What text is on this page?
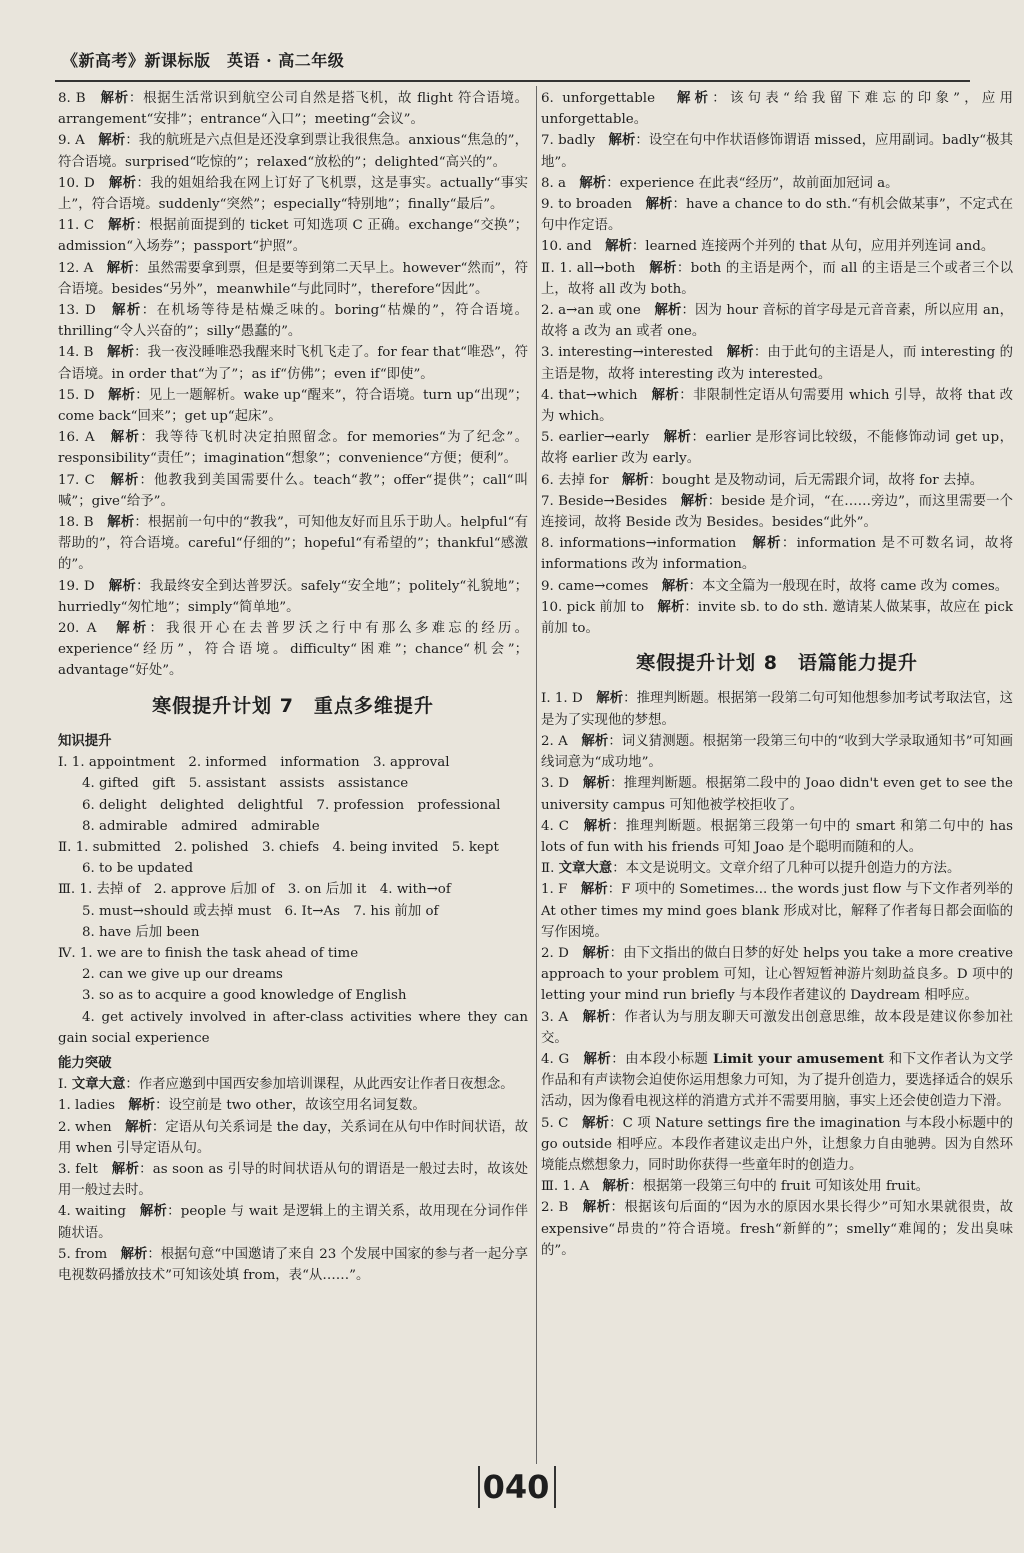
《新高考》新课标版　英语 · 高二年级

8. B　解析：根据生活常识到航空公司自然是搭飞机，故 flight 符合语境。arrangement“安排”；entrance“入口”；meeting“会议”。

9. A　解析：我的航班是六点但是还没拿到票让我很焦急。anxious“焦急的”，符合语境。surprised“吃惊的”；relaxed“放松的”；delighted“高兴的”。

10. D　解析：我的姐姐给我在网上订好了飞机票，这是事实。actually“事实上”，符合语境。suddenly“突然”；especially“特别地”；finally“最后”。

11. C　解析：根据前面提到的 ticket 可知选项 C 正确。exchange“交换”；admission“入场券”；passport“护照”。

12. A　解析：虽然需要拿到票，但是要等到第二天早上。however“然而”，符合语境。besides“另外”，meanwhile“与此同时”，therefore“因此”。

13. D　解析：在机场等待是枯燥乏味的。boring“枯燥的”，符合语境。thrilling“令人兴奋的”；silly“愚蠢的”。

14. B　解析：我一夜没睡唯恐我醒来时飞机飞走了。for fear that“唯恐”，符合语境。in order that“为了”；as if“仿佛”；even if“即使”。

15. D　解析：见上一题解析。wake up“醒来”，符合语境。turn up“出现”；come back“回来”；get up“起床”。

16. A　解析：我等待飞机时决定拍照留念。for memories“为了纪念”。responsibility“责任”；imagination“想象”；convenience“方便；便利”。

17. C　解析：他教我到美国需要什么。teach“教”；offer“提供”；call“叫喊”；give“给予”。

18. B　解析：根据前一句中的“教我”，可知他友好而且乐于助人。helpful“有帮助的”，符合语境。careful“仔细的”；hopeful“有希望的”；thankful“感激的”。

19. D　解析：我最终安全到达普罗沃。safely“安全地”；politely“礼貌地”；hurriedly“匆忙地”；simply“简单地”。

20. A　解析：我很开心在去普罗沃之行中有那么多难忘的经历。experience“经历”，符合语境。difficulty“困难”；chance“机会”；advantage“好处”。

寒假提升计划 7　重点多维提升
知识提升

Ⅰ. 1. appointment　2. informed　information　3. approval

4. gifted　gift　5. assistant　assists　assistance

6. delight　delighted　delightful　7. profession　professional

8. admirable　admired　admirable

Ⅱ. 1. submitted　2. polished　3. chiefs　4. being invited　5. kept

6. to be updated

Ⅲ. 1. 去掉 of　2. approve 后加 of　3. on 后加 it　4. with→of

5. must→should 或去掉 must　6. It→As　7. his 前加 of

8. have 后加 been

Ⅳ. 1. we are to finish the task ahead of time

2. can we give up our dreams

3. so as to acquire a good knowledge of English

4. get actively involved in after-class activities where they can gain social experience

能力突破

Ⅰ. 文章大意：作者应邀到中国西安参加培训课程，从此西安让作者日夜想念。

1. ladies　解析：设空前是 two other，故该空用名词复数。

2. when　解析：定语从句关系词是 the day，关系词在从句中作时间状语，故用 when 引导定语从句。

3. felt　解析：as soon as 引导的时间状语从句的谓语是一般过去时，故该处用一般过去时。

4. waiting　解析：people 与 wait 是逻辑上的主谓关系，故用现在分词作伴随状语。

5. from　解析：根据句意“中国邀请了来自 23 个发展中国家的参与者一起分享电视数码播放技术”可知该处填 from，表“从……”。

6. unforgettable　解析：该句表“给我留下难忘的印象”，应用 unforgettable。

7. badly　解析：设空在句中作状语修饰谓语 missed，应用副词。badly“极其地”。

8. a　解析：experience 在此表“经历”，故前面加冠词 a。

9. to broaden　解析：have a chance to do sth.“有机会做某事”，不定式在句中作定语。

10. and　解析：learned 连接两个并列的 that 从句，应用并列连词 and。

Ⅱ. 1. all→both　解析：both 的主语是两个，而 all 的主语是三个或者三个以上，故将 all 改为 both。

2. a→an 或 one　解析：因为 hour 音标的首字母是元音音素，所以应用 an，故将 a 改为 an 或者 one。

3. interesting→interested　解析：由于此句的主语是人，而 interesting 的主语是物，故将 interesting 改为 interested。

4. that→which　解析：非限制性定语从句需要用 which 引导，故将 that 改为 which。

5. earlier→early　解析：earlier 是形容词比较级，不能修饰动词 get up，故将 earlier 改为 early。

6. 去掉 for　解析：bought 是及物动词，后无需跟介词，故将 for 去掉。

7. Beside→Besides　解析：beside 是介词，“在……旁边”，而这里需要一个连接词，故将 Beside 改为 Besides。besides“此外”。

8. informations→information　解析：information 是不可数名词，故将 informations 改为 information。

9. came→comes　解析：本文全篇为一般现在时，故将 came 改为 comes。

10. pick 前加 to　解析：invite sb. to do sth. 邀请某人做某事，故应在 pick 前加 to。

寒假提升计划 8　语篇能力提升

Ⅰ. 1. D　解析：推理判断题。根据第一段第二句可知他想参加考试考取法官，这是为了实现他的梦想。

2. A　解析：词义猜测题。根据第一段第三句中的“收到大学录取通知书”可知画线词意为“成功地”。

3. D　解析：推理判断题。根据第二段中的 Joao didn't even get to see the university campus 可知他被学校拒收了。

4. C　解析：推理判断题。根据第三段第一句中的 smart 和第二句中的 has lots of fun with his friends 可知 Joao 是个聪明而随和的人。

Ⅱ. 文章大意：本文是说明文。文章介绍了几种可以提升创造力的方法。

1. F　解析：F 项中的 Sometimes... the words just flow 与下文作者列举的 At other times my mind goes blank 形成对比，解释了作者每日都会面临的写作困境。

2. D　解析：由下文指出的做白日梦的好处 helps you take a more creative approach to your problem 可知，让心智短暂神游片刻助益良多。D 项中的 letting your mind run briefly 与本段作者建议的 Daydream 相呼应。

3. A　解析：作者认为与朋友聊天可激发出创意思维，故本段是建议你参加社交。

4. G　解析：由本段小标题 Limit your amusement 和下文作者认为文学作品和有声读物会迫使你运用想象力可知，为了提升创造力，要选择适合的娱乐活动，因为像看电视这样的消遣方式并不需要用脑，事实上还会使创造力下滑。

5. C　解析：C 项 Nature settings fire the imagination 与本段小标题中的 go outside 相呼应。本段作者建议走出户外，让想象力自由驰骋。因为自然环境能点燃想象力，同时助你获得一些童年时的创造力。

Ⅲ. 1. A　解析：根据第一段第三句中的 fruit 可知该处用 fruit。

2. B　解析：根据该句后面的“因为水的原因水果长得少”可知水果就很贵，故 expensive“昂贵的”符合语境。fresh“新鲜的”；smelly“难闻的；发出臭味的”。

040
